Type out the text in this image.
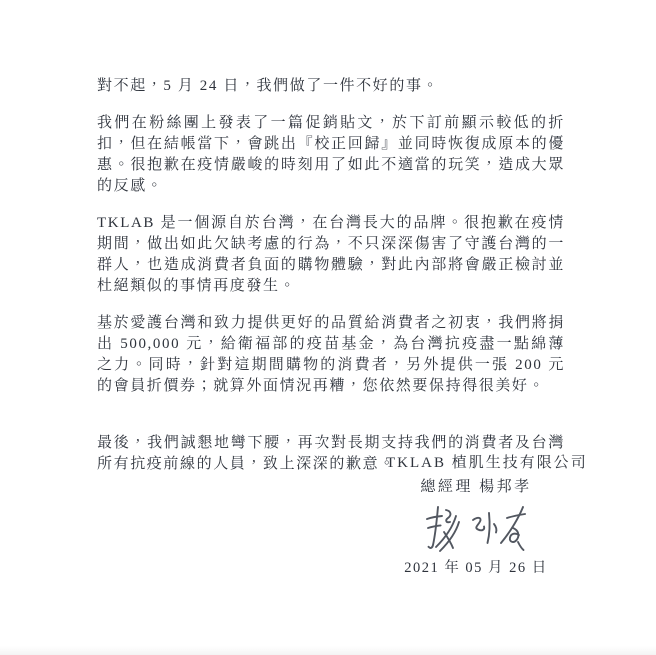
對不起，5 月 24 日，我們做了一件不好的事。

我們在粉絲團上發表了一篇促銷貼文，於下訂前顯示較低的折扣，但在結帳當下，會跳出『校正回歸』並同時恢復成原本的優惠。很抱歉在疫情嚴峻的時刻用了如此不適當的玩笑，造成大眾的反感。

TKLAB 是一個源自於台灣，在台灣長大的品牌。很抱歉在疫情期間，做出如此欠缺考慮的行為，不只深深傷害了守護台灣的一群人，也造成消費者負面的購物體驗，對此內部將會嚴正檢討並杜絕類似的事情再度發生。

基於愛護台灣和致力提供更好的品質給消費者之初衷，我們將捐出 500,000 元，給衛福部的疫苗基金，為台灣抗疫盡一點綿薄之力。同時，針對這期間購物的消費者，另外提供一張 200 元的會員折價券；就算外面情況再糟，您依然要保持得很美好。

最後，我們誠懇地彎下腰，再次對長期支持我們的消費者及台灣所有抗疫前線的人員，致上深深的歉意。

TKLAB 植肌生技有限公司
總經理 楊邦孝
2021 年 05 月 26 日
